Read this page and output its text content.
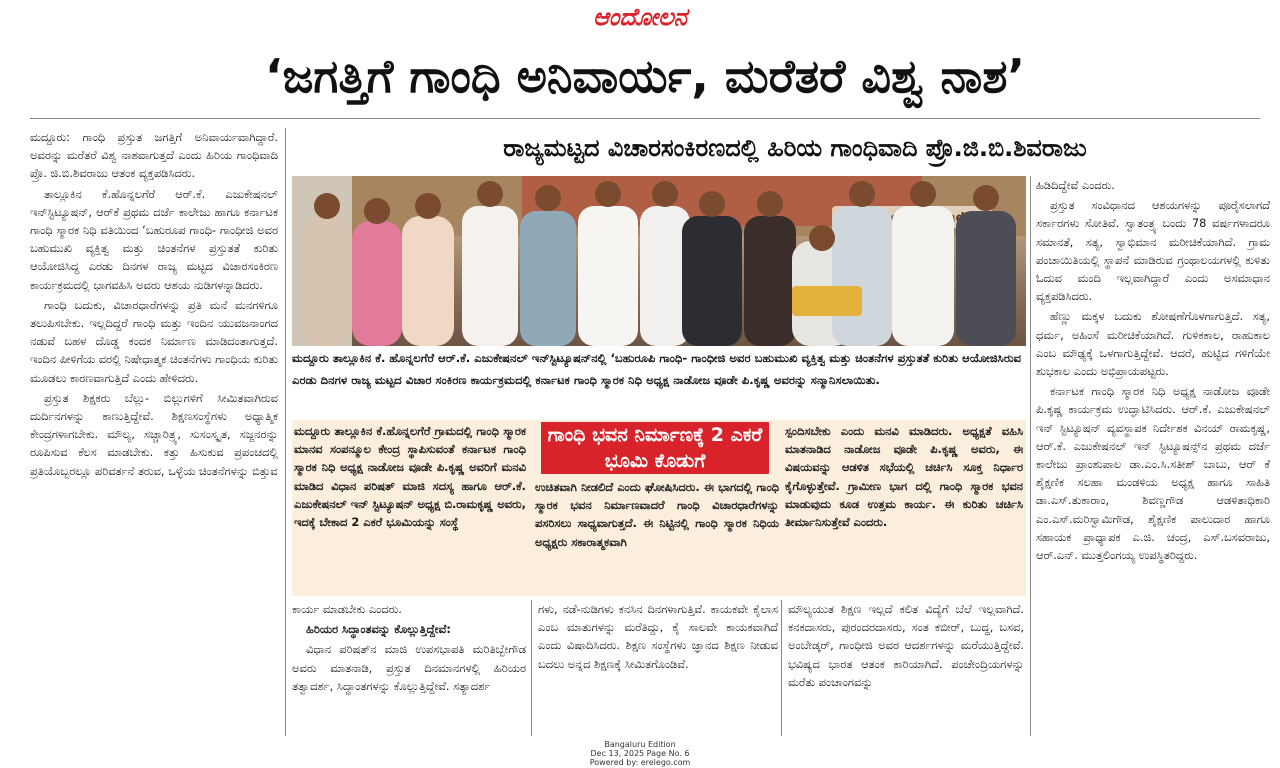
ಆಂದೋಲನ
‘ಜಗತ್ತಿಗೆ ಗಾಂಧಿ ಅನಿವಾರ್ಯ, ಮರೆತರೆ ವಿಶ್ವ ನಾಶ’
ರಾಜ್ಯಮಟ್ಟದ ವಿಚಾರಸಂಕಿರಣದಲ್ಲಿ ಹಿರಿಯ ಗಾಂಧಿವಾದಿ ಪ್ರೊ.ಜಿ.ಬಿ.ಶಿವರಾಜು

ಮದ್ದೂರು: ಗಾಂಧಿ ಪ್ರಸ್ತುತ ಜಗತ್ತಿಗೆ ಅನಿವಾರ್ಯವಾಗಿದ್ದಾರೆ. ಅವರನ್ನು ಮರೆತರೆ ವಿಶ್ವ ನಾಶವಾಗುತ್ತದೆ ಎಂದು ಹಿರಿಯ ಗಾಂಧಿವಾದಿ ಪ್ರೊ. ಜಿ.ಬಿ.ಶಿವರಾಜು ಆತಂಕ ವ್ಯಕ್ತಪಡಿಸಿದರು.

ತಾಲ್ಲೂಕಿನ ಕೆ.ಹೊನ್ನಲಗೆರೆ ಆರ್.ಕೆ. ಎಜುಕೇಷನಲ್ ಇನ್‌ಸ್ಟಿಟ್ಯೂಷನ್, ಆರ್‌ಕೆ ಪ್ರಥಮ ದರ್ಜೆ ಕಾಲೇಜು ಹಾಗೂ ಕರ್ನಾಟಕ ಗಾಂಧಿ ಸ್ಮಾರಕ ನಿಧಿ ವತಿಯಿಂದ ‘ಬಹುರೂಪ ಗಾಂಧಿ- ಗಾಂಧೀಜಿ ಅವರ ಬಹುಮುಖಿ ವ್ಯಕ್ತಿತ್ವ ಮತ್ತು ಚಿಂತನೆಗಳ ಪ್ರಸ್ತುತತೆ ಕುರಿತು ಆಯೋಜಿಸಿದ್ದ ಎರಡು ದಿನಗಳ ರಾಜ್ಯ ಮಟ್ಟದ ವಿಚಾರಸಂಕಿರಣ ಕಾರ್ಯಕ್ರಮದಲ್ಲಿ ಭಾಗವಹಿಸಿ ಅವರು ಆಶಯ ನುಡಿಗಳನ್ನಾಡಿದರು.

ಗಾಂಧಿ ಬದುಕು, ವಿಚಾರಧಾರೆಗಳನ್ನು ಪ್ರತಿ ಮನೆ ಮನಗಳಿಗೂ ತಲುಪಿಸಬೇಕು. ಇಲ್ಲದಿದ್ದರೆ ಗಾಂಧಿ ಮತ್ತು ಇಂದಿನ ಯುವಜನಾಂಗದ ನಡುವೆ ಬಹಳ ದೊಡ್ಡ ಕಂದಕ ನಿರ್ಮಾಣ ಮಾಡಿದಂತಾಗುತ್ತದೆ. ಇಂದಿನ ಪೀಳಿಗೆಯ ವರಲ್ಲಿ ನಿಷೇಧಾತ್ಮಕ ಚಿಂತನೆಗಳು ಗಾಂಧಿಯ ಕುರಿತು ಮೂಡಲು ಕಾರಣವಾಗುತ್ತಿದೆ ಎಂದು ಹೇಳಿದರು.

ಪ್ರಸ್ತುತ ಶಿಕ್ಷಕರು ಬೆಲ್ಲು- ಬಿಲ್ಲುಗಳಿಗೆ ಸೀಮಿತವಾಗಿರುವ ದುರ್ದಿನಗಳನ್ನು ಕಾಣುತ್ತಿದ್ದೇವೆ. ಶಿಕ್ಷಣಸಂಸ್ಥೆಗಳು ಅಧ್ಯಾತ್ಮಿಕ ಕೇಂದ್ರಗಳಾಗಬೇಕು. ಮೌಲ್ಯ, ಸಚ್ಚಾರಿತ್ರ್ಯ, ಸುಸಂಸ್ಕೃತ, ಸಜ್ಜನರನ್ನು ರೂಪಿಸುವ ಕೆಲಸ ಮಾಡಬೇಕು. ಕತ್ತು ಹಿಸುಕುವ ಪ್ರಪಂಚದಲ್ಲಿ ಪ್ರತಿಯೊಬ್ಬರಲ್ಲೂ ಪರಿವರ್ತನೆ ತರುವ, ಒಳ್ಳೆಯ ಚಿಂತನೆಗಳನ್ನು ಬಿತ್ತುವ

ಮದ್ದೂರು ತಾಲ್ಲೂಕಿನ ಕೆ. ಹೊನ್ನಲಗೆರೆ ಆರ್.ಕೆ. ಎಜುಕೇಷನಲ್ ಇನ್‌ಸ್ಟಿಟ್ಯೂಷನ್‌ನಲ್ಲಿ ‘ಬಹುರೂಪಿ ಗಾಂಧಿ- ಗಾಂಧೀಜಿ ಅವರ ಬಹುಮುಖಿ ವ್ಯಕ್ತಿತ್ವ ಮತ್ತು ಚಿಂತನೆಗಳ ಪ್ರಸ್ತುತತೆ ಕುರಿತು ಆಯೋಜಿಸಿರುವ ಎರಡು ದಿನಗಳ ರಾಜ್ಯ ಮಟ್ಟದ ವಿಚಾರ ಸಂಕಿರಣ ಕಾರ್ಯಕ್ರಮದಲ್ಲಿ ಕರ್ನಾಟಕ ಗಾಂಧಿ ಸ್ಮಾರಕ ನಿಧಿ ಅಧ್ಯಕ್ಷ ನಾಡೋಜ ವೂಡೇ ಪಿ.ಕೃಷ್ಣ ಅವರನ್ನು ಸನ್ಮಾನಿಸಲಾಯಿತು.

ಮದ್ದೂರು ತಾಲ್ಲೂಕಿನ ಕೆ.ಹೊನ್ನಲಗೆರೆ ಗ್ರಾಮದಲ್ಲಿ ಗಾಂಧಿ ಸ್ಮಾರಕ ಮಾನವ ಸಂಪನ್ಮೂಲ ಕೇಂದ್ರ ಸ್ಥಾಪಿಸುವಂತೆ ಕರ್ನಾಟಕ ಗಾಂಧಿ ಸ್ಮಾರಕ ನಿಧಿ ಅಧ್ಯಕ್ಷ ನಾಡೋಜ ವೂಡೇ ಪಿ.ಕೃಷ್ಣ ಅವರಿಗೆ ಮನವಿ ಮಾಡಿದ ವಿಧಾನ ಪರಿಷತ್ ಮಾಜಿ ಸದಸ್ಯ ಹಾಗೂ ಆರ್.ಕೆ. ಎಜುಕೇಷನಲ್ ಇನ್ ಸ್ಟಿಟ್ಯೂಷನ್ ಅಧ್ಯಕ್ಷ ಬಿ.ರಾಮಕೃಷ್ಣ ಅವರು, ಇದಕ್ಕೆ ಬೇಕಾದ 2 ಎಕರೆ ಭೂಮಿಯನ್ನು ಸಂಸ್ಥೆ

ಗಾಂಧಿ ಭವನ ನಿರ್ಮಾಣಕ್ಕೆ 2 ಎಕರೆ ಭೂಮಿ ಕೊಡುಗೆ

ಉಚಿತವಾಗಿ ನೀಡಲಿದೆ ಎಂದು ಘೋಷಿಸಿದರು. ಈ ಭಾಗದಲ್ಲಿ ಗಾಂಧಿ ಸ್ಮಾರಕ ಭವನ ನಿರ್ಮಾಣವಾದರೆ ಗಾಂಧಿ ವಿಚಾರಧಾರೆಗಳನ್ನು ಪಸರಿಸಲು ಸಾಧ್ಯವಾಗುತ್ತದೆ. ಈ ನಿಟ್ಟಿನಲ್ಲಿ ಗಾಂಧಿ ಸ್ಮಾರಕ ನಿಧಿಯ ಅಧ್ಯಕ್ಷರು ಸಕಾರಾತ್ಮಕವಾಗಿ

ಸ್ಪಂದಿಸಬೇಕು ಎಂದು ಮನವಿ ಮಾಡಿದರು. ಅಧ್ಯಕ್ಷತೆ ವಹಿಸಿ ಮಾತನಾಡಿದ ನಾಡೋಜ ವೂಡೇ ಪಿ.ಕೃಷ್ಣ ಅವರು, ಈ ವಿಷಯವನ್ನು ಆಡಳಿತ ಸಭೆಯಲ್ಲಿ ಚರ್ಚಿಸಿ ಸೂಕ್ತ ನಿರ್ಧಾರ ಕೈಗೊಳ್ಳುತ್ತೇವೆ. ಗ್ರಾಮೀಣ ಭಾಗ ದಲ್ಲಿ ಗಾಂಧಿ ಸ್ಮಾರಕ ಭವನ ಮಾಡುವುದು ಕೂಡ ಉತ್ತಮ ಕಾರ್ಯ. ಈ ಕುರಿತು ಚರ್ಚಿಸಿ ತೀರ್ಮಾನಿಸುತ್ತೇವೆ ಎಂದರು.

ಕಾರ್ಯ ಮಾಡಬೇಕು ಎಂದರು.

ಹಿರಿಯರ ಸಿದ್ಧಾಂತವನ್ನು ಕೊಲ್ಲುತ್ತಿದ್ದೇವೆ:

ವಿಧಾನ ಪರಿಷತ್‌ನ ಮಾಜಿ ಉಪಸಭಾಪತಿ ಮರಿತಿಬ್ಬೇಗೌಡ ಅವರು ಮಾತನಾಡಿ, ಪ್ರಸ್ತುತ ದಿನಮಾನಗಳಲ್ಲಿ ಹಿರಿಯರ ತತ್ವಾದರ್ಶ, ಸಿದ್ಧಾಂತಗಳನ್ನು ಕೊಲ್ಲುತ್ತಿದ್ದೇವೆ. ಸತ್ಯಾದರ್ಶ

ಗಳು, ನಡೆ-ನುಡಿಗಳು ಕನಸಿನ ದಿನಗಳಾಗುತ್ತಿವೆ. ಕಾಯಕವೇ ಕೈಲಾಸ ಎಂಬ ಮಾತುಗಳನ್ನು ಮರೆತಿದ್ದು, ಕೈ ಸಾಲವೇ ಕಾಯಕವಾಗಿದೆ ಎಂದು ವಿಷಾದಿಸಿದರು. ಶಿಕ್ಷಣ ಸಂಸ್ಥೆಗಳು ಜ್ಞಾನದ ಶಿಕ್ಷಣ ನೀಡುವ ಬದಲು ಅನ್ನದ ಶಿಕ್ಷಣಕ್ಕೆ ಸೀಮಿತಗೊಂಡಿವೆ.

ಮೌಲ್ಯಯುತ ಶಿಕ್ಷಣ ಇಲ್ಲದೆ ಕಲಿತ ವಿದ್ಯೆಗೆ ಬೆಲೆ ಇಲ್ಲವಾಗಿದೆ. ಕನಕದಾಸರು, ಪುರಂದರದಾಸರು, ಸಂತ ಕಬೀರ್, ಬುದ್ಧ, ಬಸವ, ಅಂಬೇಡ್ಕರ್, ಗಾಂಧೀಜಿ ಅವರ ಆದರ್ಶಗಳನ್ನು ಮರೆಯುತ್ತಿದ್ದೇವೆ. ಭವಿಷ್ಯದ ಭಾರತ ಆತಂಕ ಕಾರಿಯಾಗಿದೆ. ಪಂಚೇಂದ್ರಿಯಗಳನ್ನು ಮರೆತು ಪಂಚಾಂಗವನ್ನು

ಹಿಡಿದಿದ್ದೇವೆ ಎಂದರು.

ಪ್ರಸ್ತುತ ಸಂವಿಧಾನದ ಆಶಯಗಳನ್ನು ಪೂರೈಸಲಾಗದೆ ಸರ್ಕಾರಗಳು ಸೋತಿವೆ. ಸ್ವಾತಂತ್ರ್ಯ ಬಂದು 78 ವರ್ಷಗಳಾದರೂ ಸಮಾನತೆ, ಸತ್ಯ, ಸ್ವಾಭಿಮಾನ ಮರೀಚಿಕೆಯಾಗಿದೆ. ಗ್ರಾಮ ಪಂಚಾಯಿತಿಯಲ್ಲಿ ಸ್ಥಾಪನೆ ಮಾಡಿರುವ ಗ್ರಂಥಾಲಯಗಳಲ್ಲಿ ಕುಳಿತು ಓದುವ ಮಂದಿ ಇಲ್ಲವಾಗಿದ್ದಾರೆ ಎಂದು ಅಸಮಾಧಾನ ವ್ಯಕ್ತಪಡಿಸಿದರು.

ಹೆಣ್ಣು ಮಕ್ಕಳ ಬದುಕು ಶೋಷಣೆಗೊಳಗಾಗುತ್ತಿದೆ. ಸತ್ಯ, ಧರ್ಮ, ಅಹಿಂಸೆ ಮರೀಚಿಕೆಯಾಗಿದೆ. ಗುಳಿಕಕಾಲ, ರಾಹುಕಾಲ ಎಂಬ ಮೌಢ್ಯಕ್ಕೆ ಒಳಗಾಗುತ್ತಿದ್ದೇವೆ. ಆದರೆ, ಹುಟ್ಟಿದ ಗಳಿಗೆಯೇ ಶುಭಕಾಲ ಎಂದು ಅಭಿಪ್ರಾಯಪಟ್ಟರು.

ಕರ್ನಾಟಕ ಗಾಂಧಿ ಸ್ಮಾರಕ ನಿಧಿ ಅಧ್ಯಕ್ಷ ನಾಡೋಜ ವೂಡೇ ಪಿ.ಕೃಷ್ಣ ಕಾರ್ಯಕ್ರಮ ಉದ್ಘಾಟಿಸಿದರು. ಆರ್.ಕೆ. ಎಜುಕೇಷನಲ್ ಇನ್ ಸ್ಟಿಟ್ಯೂಷನ್ ವ್ಯವಸ್ಥಾಪಕ ನಿರ್ದೇಶಕ ವಿನಯ್ ರಾಮಕೃಷ್ಣ, ಆರ್.ಕೆ. ಎಜುಕೇಷನಲ್ ಇನ್ ಸ್ಟಿಟ್ಯೂಷನ್ಸ್‌ನ ಪ್ರಥಮ ದರ್ಜೆ ಕಾಲೇಜು ಪ್ರಾಂಶುಪಾಲ ಡಾ.ಎಂ.ಸಿ.ಸತೀಶ್ ಬಾಬು, ಆರ್ ಕೆ ಶೈಕ್ಷಣಿಕ ಸಲಹಾ ಮಂಡಳಿಯ ಅಧ್ಯಕ್ಷ ಹಾಗೂ ಸಾಹಿತಿ ಡಾ.ಎಸ್.ತುಕಾರಾಂ, ಶಿವಣ್ಣಗೌಡ ಆಡಳಿತಾಧಿಕಾರಿ ಎಂ.ಎಸ್.ಮರಿಸ್ವಾಮಿಗೌಡ, ಶೈಕ್ಷಣಿಕ ಪಾಲುದಾರ ಹಾಗೂ ಸಹಾಯಕ ಪ್ರಾಧ್ಯಾಪಕ ಎ.ಜಿ. ಚಂದ್ರ, ಎಸ್.ಬಸವರಾಜು, ಆರ್.ಎನ್. ಮುತ್ತಲಿಂಗಯ್ಯ ಉಪಸ್ಥಿತರಿದ್ದರು.

Bangaluru Edition
Dec 13, 2025 Page No. 6
Powered by: erelego.com
